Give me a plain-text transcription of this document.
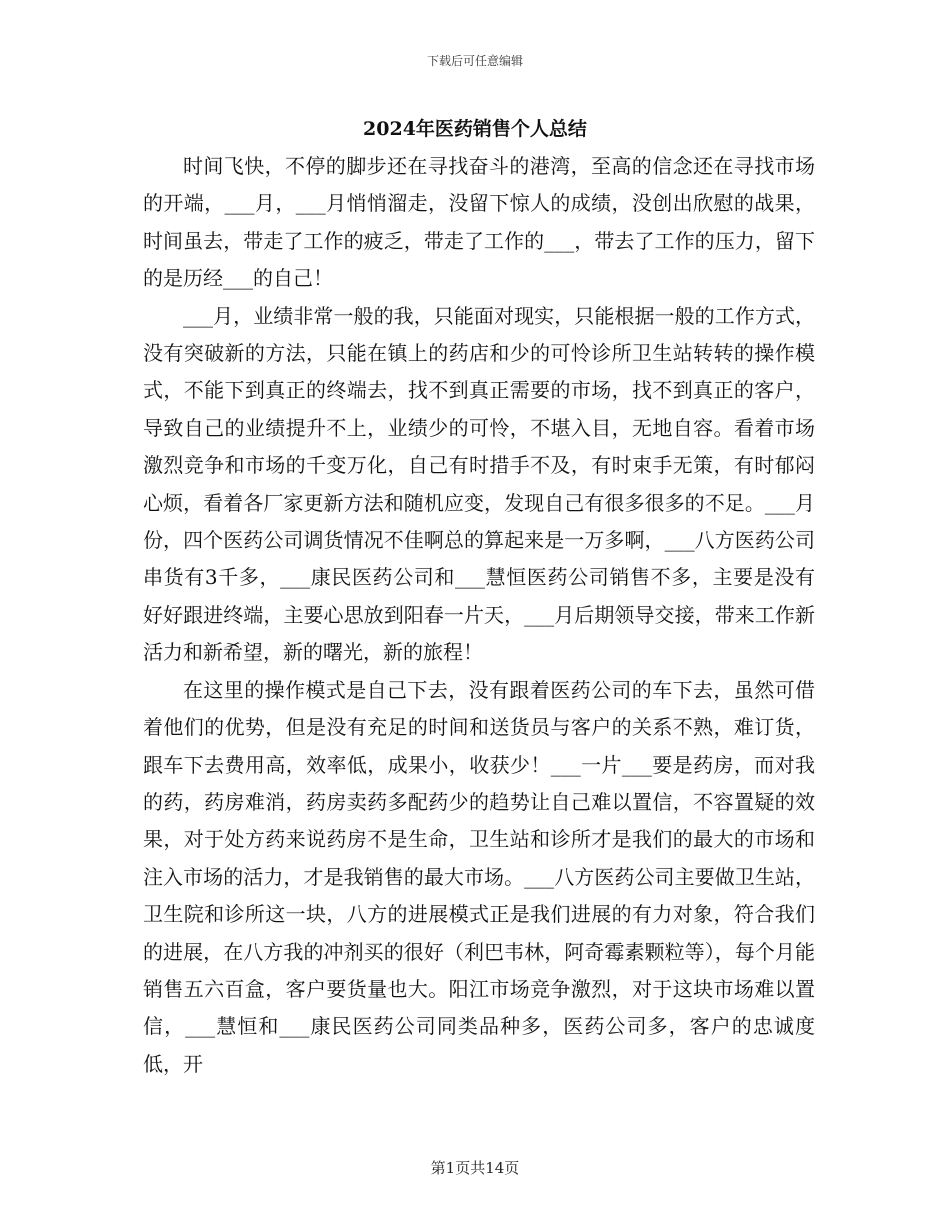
下载后可任意编辑
2024年医药销售个人总结

时间飞快，不停的脚步还在寻找奋斗的港湾，至高的信念还在寻找市场的开端，___月，___月悄悄溜走，没留下惊人的成绩，没创出欣慰的战果，时间虽去，带走了工作的疲乏，带走了工作的___，带去了工作的压力，留下的是历经___的自己！

___月，业绩非常一般的我，只能面对现实，只能根据一般的工作方式，没有突破新的方法，只能在镇上的药店和少的可怜诊所卫生站转转的操作模式，不能下到真正的终端去，找不到真正需要的市场，找不到真正的客户，导致自己的业绩提升不上，业绩少的可怜，不堪入目，无地自容。看着市场激烈竞争和市场的千变万化，自己有时措手不及，有时束手无策，有时郁闷心烦，看着各厂家更新方法和随机应变，发现自己有很多很多的不足。___月份，四个医药公司调货情况不佳啊总的算起来是一万多啊，___八方医药公司串货有3千多，___康民医药公司和___慧恒医药公司销售不多，主要是没有好好跟进终端，主要心思放到阳春一片天，___月后期领导交接，带来工作新活力和新希望，新的曙光，新的旅程！

在这里的操作模式是自己下去，没有跟着医药公司的车下去，虽然可借着他们的优势，但是没有充足的时间和送货员与客户的关系不熟，难订货，跟车下去费用高，效率低，成果小，收获少！___一片___要是药房，而对我的药，药房难消，药房卖药多配药少的趋势让自己难以置信，不容置疑的效果，对于处方药来说药房不是生命，卫生站和诊所才是我们的最大的市场和注入市场的活力，才是我销售的最大市场。___八方医药公司主要做卫生站，卫生院和诊所这一块，八方的进展模式正是我们进展的有力对象，符合我们的进展，在八方我的冲剂买的很好（利巴韦林，阿奇霉素颗粒等），每个月能销售五六百盒，客户要货量也大。阳江市场竞争激烈，对于这块市场难以置信，___慧恒和___康民医药公司同类品种多，医药公司多，客户的忠诚度低，开

第1页共14页
